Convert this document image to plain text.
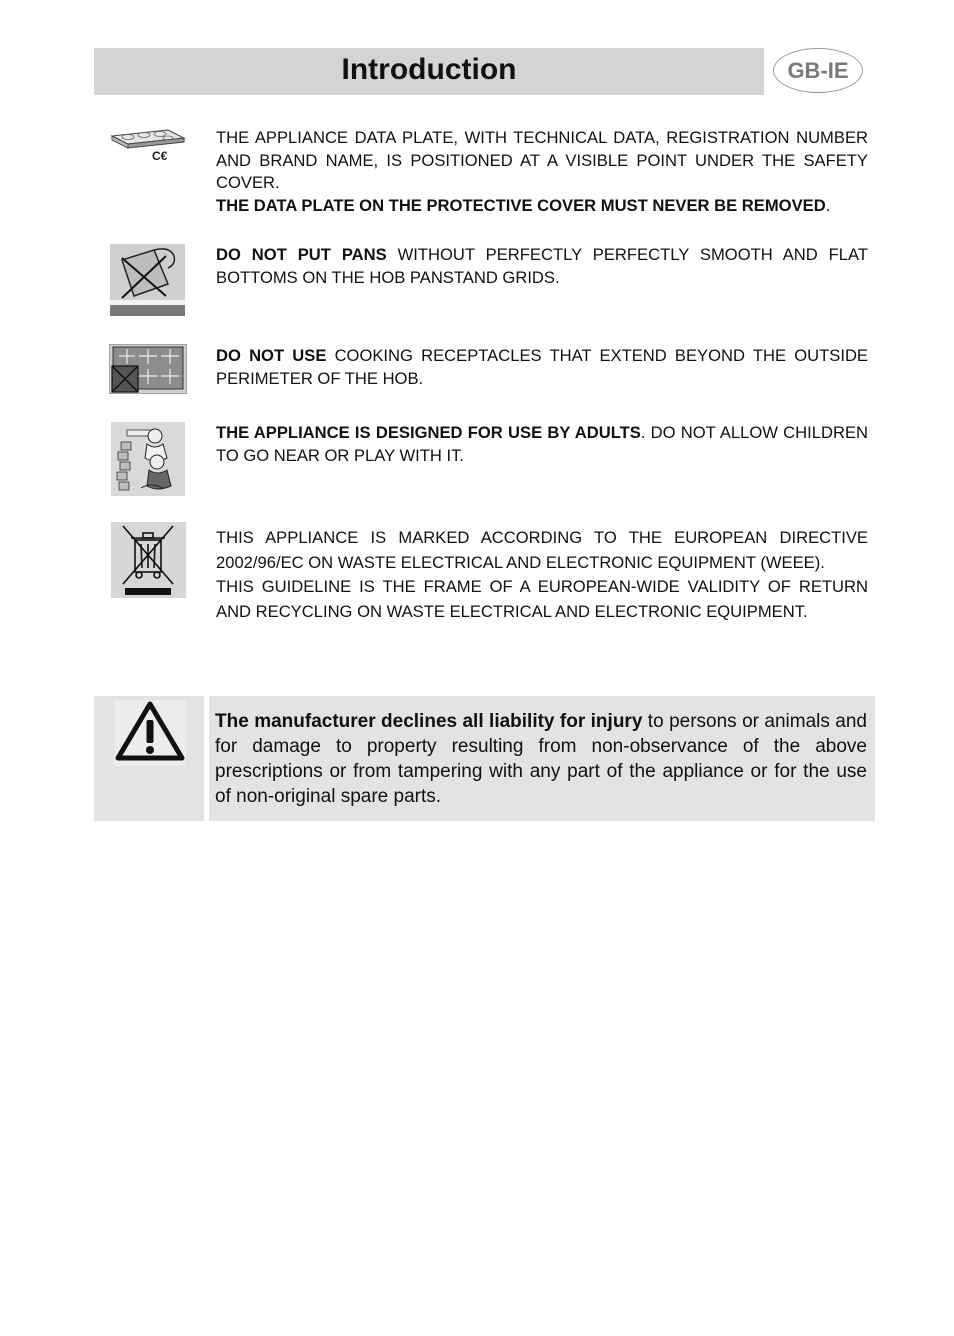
Introduction	GB-IE
C€

THE APPLIANCE DATA PLATE, WITH TECHNICAL DATA, REGISTRATION NUMBER AND BRAND NAME, IS POSITIONED AT A VISIBLE POINT UNDER THE SAFETY COVER.

THE DATA PLATE ON THE PROTECTIVE COVER MUST NEVER BE REMOVED.

DO NOT PUT PANS WITHOUT PERFECTLY PERFECTLY SMOOTH AND FLAT BOTTOMS ON THE HOB PANSTAND GRIDS.

DO NOT USE COOKING RECEPTACLES THAT EXTEND BEYOND THE OUTSIDE PERIMETER OF THE HOB.

THE APPLIANCE IS DESIGNED FOR USE BY ADULTS. DO NOT ALLOW CHILDREN TO GO NEAR OR PLAY WITH IT.

THIS APPLIANCE IS MARKED ACCORDING TO THE EUROPEAN DIRECTIVE 2002/96/EC ON WASTE ELECTRICAL AND ELECTRONIC EQUIPMENT (WEEE).

THIS GUIDELINE IS THE FRAME OF A EUROPEAN-WIDE VALIDITY OF RETURN AND RECYCLING ON WASTE ELECTRICAL AND ELECTRONIC EQUIPMENT.

The manufacturer declines all liability for injury to persons or animals and for damage to property resulting from non-observance of the above prescriptions or from tampering with any part of the appliance or for the use of non-original spare parts.
